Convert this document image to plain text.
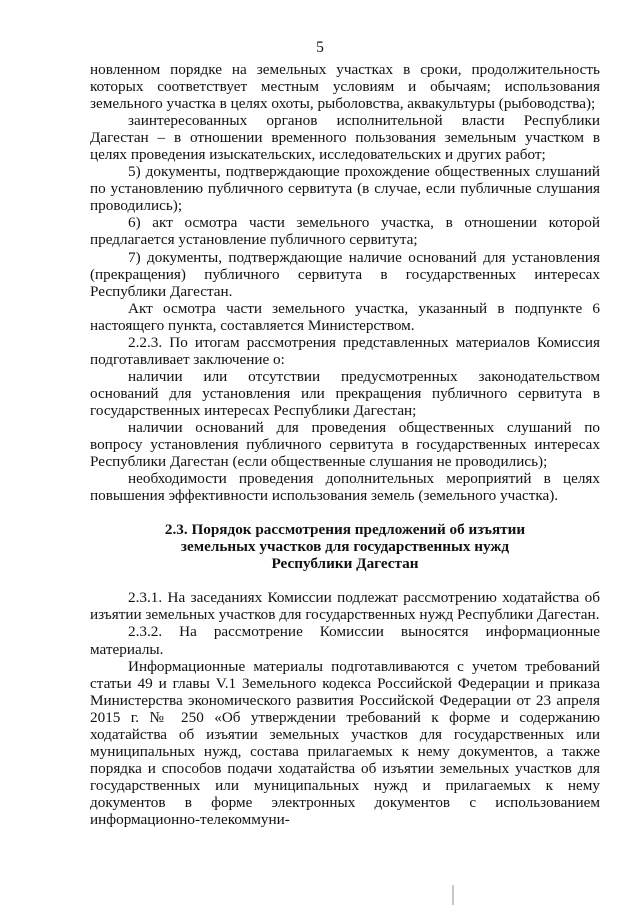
5

новленном порядке на земельных участках в сроки, продолжительность которых соответствует местным условиям и обычаям; использования земельного участка в целях охоты, рыболовства, аквакультуры (рыбоводства);

заинтересованных органов исполнительной власти Республики Дагестан – в отношении временного пользования земельным участком в целях проведения изыскательских, исследовательских и других работ;

5) документы, подтверждающие прохождение общественных слушаний по установлению публичного сервитута (в случае, если публичные слушания проводились);

6) акт осмотра части земельного участка, в отношении которой предлагается установление публичного сервитута;

7) документы, подтверждающие наличие оснований для установления (прекращения) публичного сервитута в государственных интересах Республики Дагестан.

Акт осмотра части земельного участка, указанный в подпункте 6 настоящего пункта, составляется Министерством.

2.2.3. По итогам рассмотрения представленных материалов Комиссия подготавливает заключение о:

наличии или отсутствии предусмотренных законодательством оснований для установления или прекращения публичного сервитута в государственных интересах Республики Дагестан;

наличии оснований для проведения общественных слушаний по вопросу установления публичного сервитута в государственных интересах Республики Дагестан (если общественные слушания не проводились);

необходимости проведения дополнительных мероприятий в целях повышения эффективности использования земель (земельного участка).

2.3. Порядок рассмотрения предложений об изъятии
земельных участков для государственных нужд
Республики Дагестан

2.3.1. На заседаниях Комиссии подлежат рассмотрению ходатайства об изъятии земельных участков для государственных нужд Республики Дагестан.

2.3.2. На рассмотрение Комиссии выносятся информационные материалы.

Информационные материалы подготавливаются с учетом требований статьи 49 и главы V.1 Земельного кодекса Российской Федерации и приказа Министерства экономического развития Российской Федерации от 23 апреля 2015 г. № 250 «Об утверждении требований к форме и содержанию ходатайства об изъятии земельных участков для государственных или муниципальных нужд, состава прилагаемых к нему документов, а также порядка и способов подачи ходатайства об изъятии земельных участков для государственных или муниципальных нужд и прилагаемых к нему документов в форме электронных документов с использованием информационно-телекоммуни-
